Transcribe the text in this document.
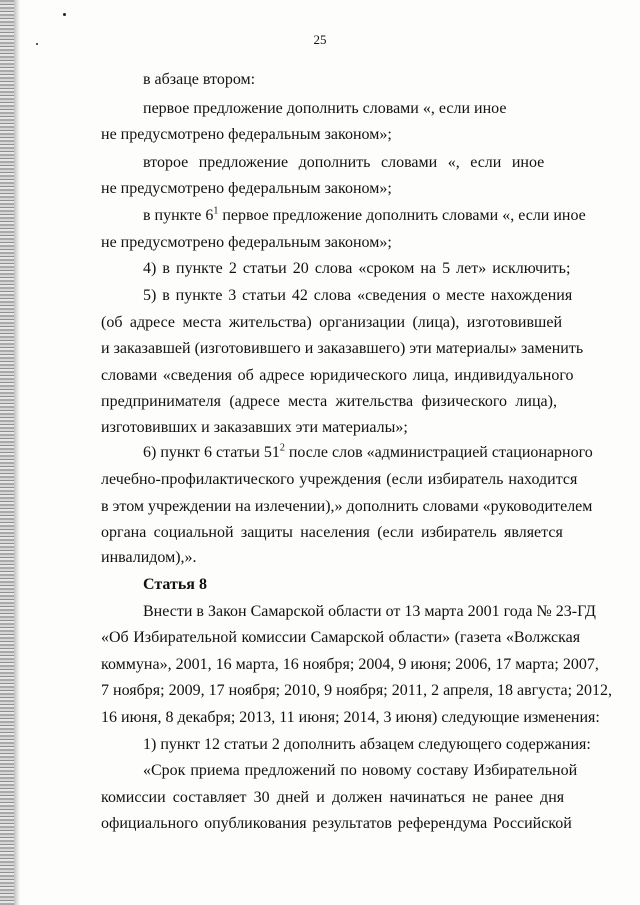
25
в абзаце втором:
первое предложение дополнить словами «, если иное
не предусмотрено федеральным законом»;
второе предложение дополнить словами «, если иное
не предусмотрено федеральным законом»;
в пункте $6^1$ первое предложение дополнить словами «, если иное
не предусмотрено федеральным законом»;
4) в пункте 2 статьи 20 слова «сроком на 5 лет» исключить;
5) в пункте 3 статьи 42 слова «сведения о месте нахождения
(об адресе места жительства) организации (лица), изготовившей
и заказавшей (изготовившего и заказавшего) эти материалы» заменить
словами «сведения об адресе юридического лица, индивидуального
предпринимателя (адресе места жительства физического лица),
изготовивших и заказавших эти материалы»;
6) пункт 6 статьи $51^2$ после слов «администрацией стационарного
лечебно-профилактического учреждения (если избиратель находится
в этом учреждении на излечении),» дополнить словами «руководителем
органа социальной защиты населения (если избиратель является
инвалидом),».
Статья 8
Внести в Закон Самарской области от 13 марта 2001 года № 23-ГД
«Об Избирательной комиссии Самарской области» (газета «Волжская
коммуна», 2001, 16 марта, 16 ноября; 2004, 9 июня; 2006, 17 марта; 2007,
7 ноября; 2009, 17 ноября; 2010, 9 ноября; 2011, 2 апреля, 18 августа; 2012,
16 июня, 8 декабря; 2013, 11 июня; 2014, 3 июня) следующие изменения:
1) пункт 12 статьи 2 дополнить абзацем следующего содержания:
«Срок приема предложений по новому составу Избирательной
комиссии составляет 30 дней и должен начинаться не ранее дня
официального опубликования результатов референдума Российской
